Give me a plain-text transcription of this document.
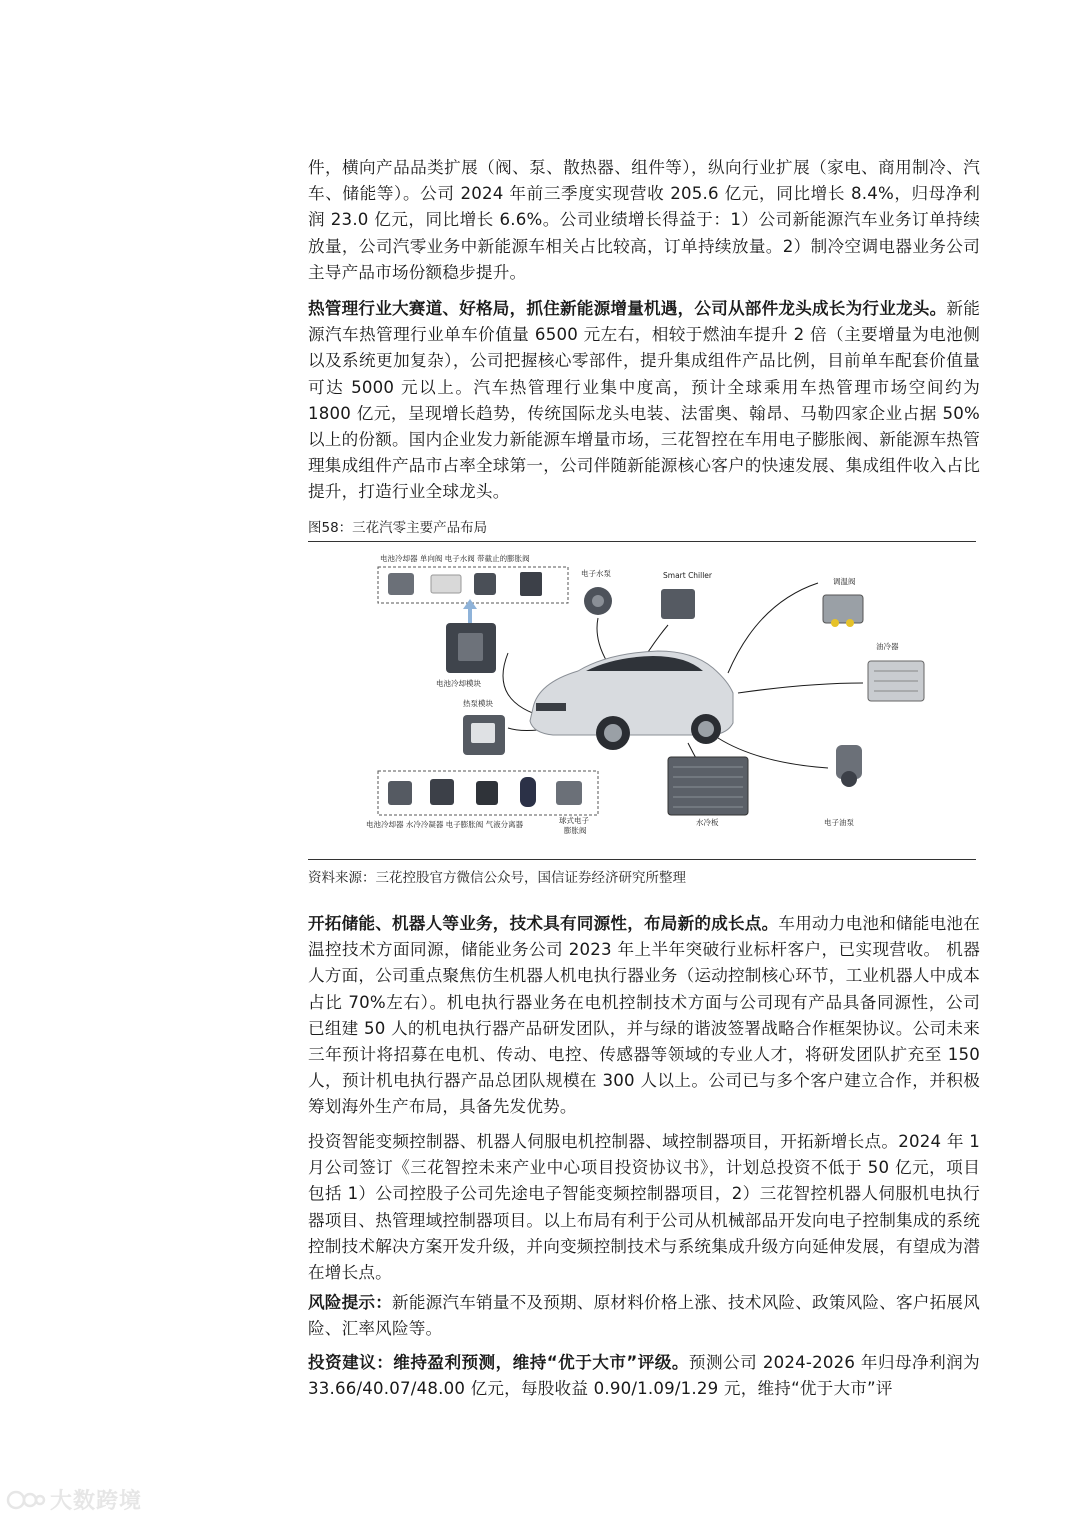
件，横向产品品类扩展（阀、泵、散热器、组件等），纵向行业扩展（家电、商用制冷、汽车、储能等）。公司 2024 年前三季度实现营收 205.6 亿元，同比增长 8.4%，归母净利润 23.0 亿元，同比增长 6.6%。公司业绩增长得益于：1）公司新能源汽车业务订单持续放量，公司汽零业务中新能源车相关占比较高，订单持续放量。2）制冷空调电器业务公司主导产品市场份额稳步提升。

热管理行业大赛道、好格局，抓住新能源增量机遇，公司从部件龙头成长为行业龙头。新能源汽车热管理行业单车价值量 6500 元左右，相较于燃油车提升 2 倍（主要增量为电池侧以及系统更加复杂），公司把握核心零部件，提升集成组件产品比例，目前单车配套价值量可达 5000 元以上。汽车热管理行业集中度高，预计全球乘用车热管理市场空间约为 1800 亿元，呈现增长趋势，传统国际龙头电装、法雷奥、翰昂、马勒四家企业占据 50%以上的份额。国内企业发力新能源车增量市场，三花智控在车用电子膨胀阀、新能源车热管理集成组件产品市占率全球第一，公司伴随新能源核心客户的快速发展、集成组件收入占比提升，打造行业全球龙头。

图58：三花汽零主要产品布局
电池冷却器 单向阀 电子水阀 带截止的膨胀阀
电池冷却模块
电子水泵	Smart Chiller
调温阀
油冷器
热泵模块
电池冷却器 水冷冷凝器 电子膨胀阀 气液分离器	球式电子
膨胀阀
水冷板	电子油泵
资料来源：三花控股官方微信公众号，国信证券经济研究所整理

开拓储能、机器人等业务，技术具有同源性，布局新的成长点。车用动力电池和储能电池在温控技术方面同源，储能业务公司 2023 年上半年突破行业标杆客户，已实现营收。 机器人方面，公司重点聚焦仿生机器人机电执行器业务（运动控制核心环节，工业机器人中成本占比 70%左右）。机电执行器业务在电机控制技术方面与公司现有产品具备同源性，公司已组建 50 人的机电执行器产品研发团队，并与绿的谐波签署战略合作框架协议。公司未来三年预计将招募在电机、传动、电控、传感器等领域的专业人才，将研发团队扩充至 150 人，预计机电执行器产品总团队规模在 300 人以上。公司已与多个客户建立合作，并积极筹划海外生产布局，具备先发优势。

投资智能变频控制器、机器人伺服电机控制器、域控制器项目，开拓新增长点。2024 年 1 月公司签订《三花智控未来产业中心项目投资协议书》，计划总投资不低于 50 亿元，项目包括 1）公司控股子公司先途电子智能变频控制器项目，2）三花智控机器人伺服机电执行器项目、热管理域控制器项目。以上布局有利于公司从机械部品开发向电子控制集成的系统控制技术解决方案开发升级，并向变频控制技术与系统集成升级方向延伸发展，有望成为潜在增长点。

风险提示：新能源汽车销量不及预期、原材料价格上涨、技术风险、政策风险、客户拓展风险、汇率风险等。

投资建议：维持盈利预测，维持“优于大市”评级。预测公司 2024-2026 年归母净利润为 33.66/40.07/48.00 亿元，每股收益 0.90/1.09/1.29 元，维持“优于大市”评

大数跨境
